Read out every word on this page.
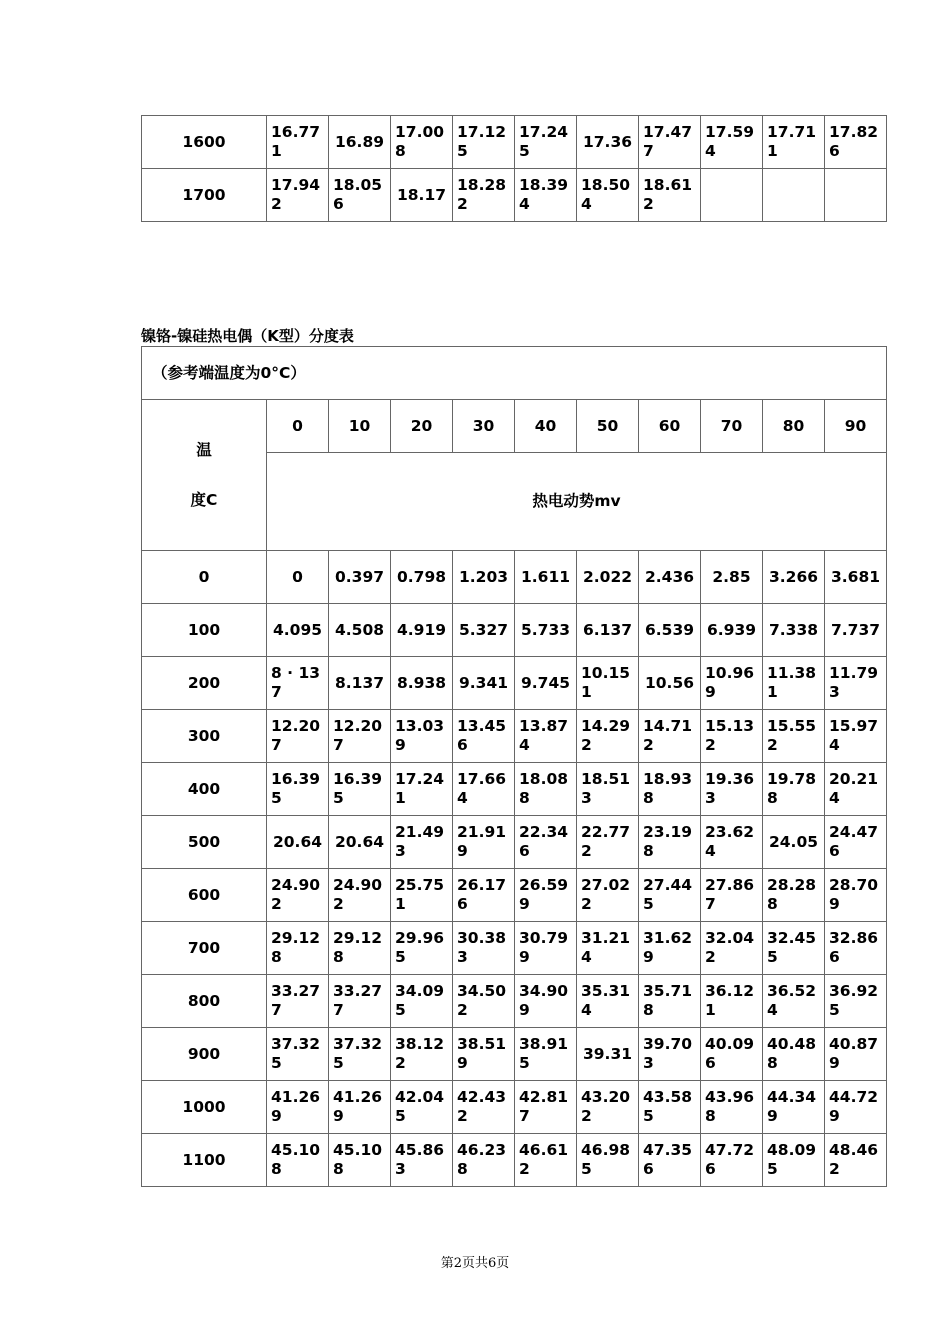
1600	16.771	16.89	17.008	17.125	17.245	17.36	17.477	17.594	17.711	17.826
1700	17.942	18.056	18.17	18.282	18.394	18.504	18.612			
镍铬-镍硅热电偶（K型）分度表
（参考端温度为0°C）										

温
度C	0	10	20	30	40	50	60	70	80	90
	热电动势mv									
0	0	0.397	0.798	1.203	1.611	2.022	2.436	2.85	3.266	3.681
100	4.095	4.508	4.919	5.327	5.733	6.137	6.539	6.939	7.338	7.737
200	8 · 137	8.137	8.938	9.341	9.745	10.151	10.56	10.969	11.381	11.793
300	12.207	12.207	13.039	13.456	13.874	14.292	14.712	15.132	15.552	15.974
400	16.395	16.395	17.241	17.664	18.088	18.513	18.938	19.363	19.788	20.214
500	20.64	20.64	21.493	21.919	22.346	22.772	23.198	23.624	24.05	24.476
600	24.902	24.902	25.751	26.176	26.599	27.022	27.445	27.867	28.288	28.709
700	29.128	29.128	29.965	30.383	30.799	31.214	31.629	32.042	32.455	32.866
800	33.277	33.277	34.095	34.502	34.909	35.314	35.718	36.121	36.524	36.925
900	37.325	37.325	38.122	38.519	38.915	39.31	39.703	40.096	40.488	40.879
1000	41.269	41.269	42.045	42.432	42.817	43.202	43.585	43.968	44.349	44.729
1100	45.108	45.108	45.863	46.238	46.612	46.985	47.356	47.726	48.095	48.462
第2页共6页
